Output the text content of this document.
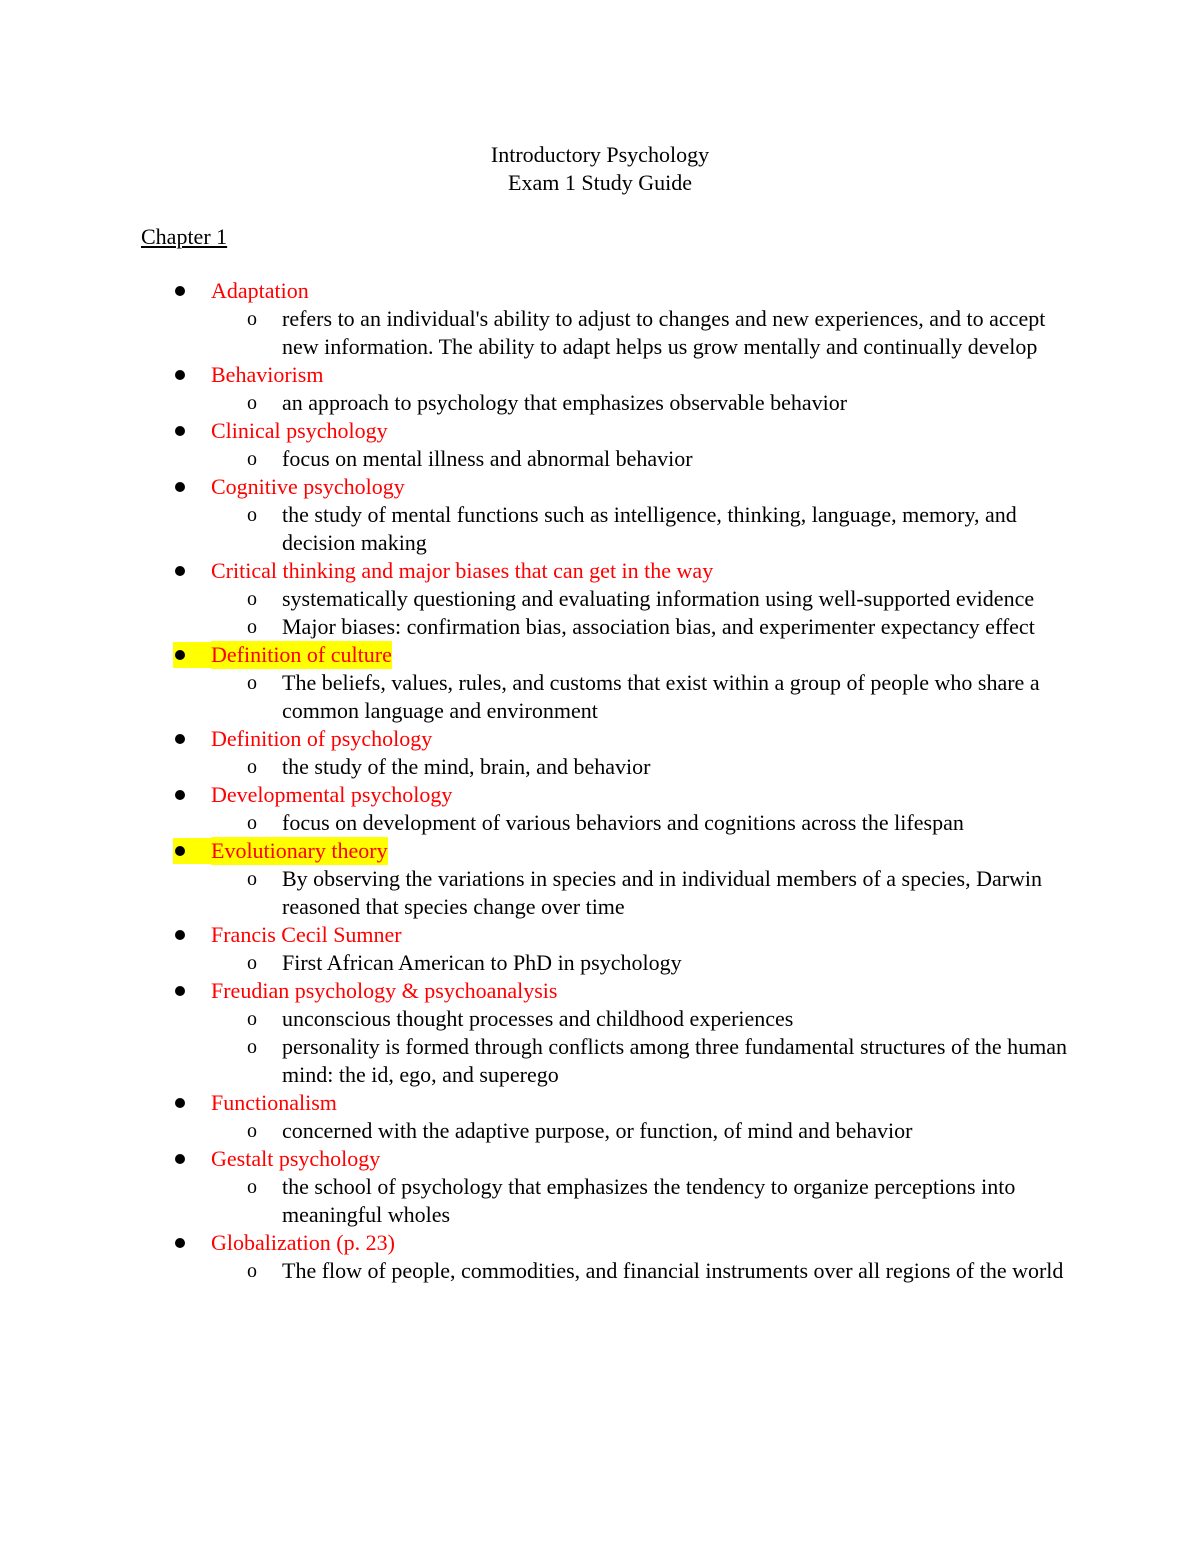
Introductory Psychology
Exam 1 Study Guide
Chapter 1
Adaptation
o refers to an individual's ability to adjust to changes and new experiences, and to accept new information. The ability to adapt helps us grow mentally and continually develop
Behaviorism
o an approach to psychology that emphasizes observable behavior
Clinical psychology
o focus on mental illness and abnormal behavior
Cognitive psychology
o the study of mental functions such as intelligence, thinking, language, memory, and decision making
Critical thinking and major biases that can get in the way
o systematically questioning and evaluating information using well-supported evidence
o Major biases: confirmation bias, association bias, and experimenter expectancy effect
Definition of culture
o The beliefs, values, rules, and customs that exist within a group of people who share a common language and environment
Definition of psychology
o the study of the mind, brain, and behavior
Developmental psychology
o focus on development of various behaviors and cognitions across the lifespan
Evolutionary theory
o By observing the variations in species and in individual members of a species, Darwin reasoned that species change over time
Francis Cecil Sumner
o First African American to PhD in psychology
Freudian psychology & psychoanalysis
o unconscious thought processes and childhood experiences
o personality is formed through conflicts among three fundamental structures of the human mind: the id, ego, and superego
Functionalism
o concerned with the adaptive purpose, or function, of mind and behavior
Gestalt psychology
o the school of psychology that emphasizes the tendency to organize perceptions into meaningful wholes
Globalization (p. 23)
o The flow of people, commodities, and financial instruments over all regions of the world
